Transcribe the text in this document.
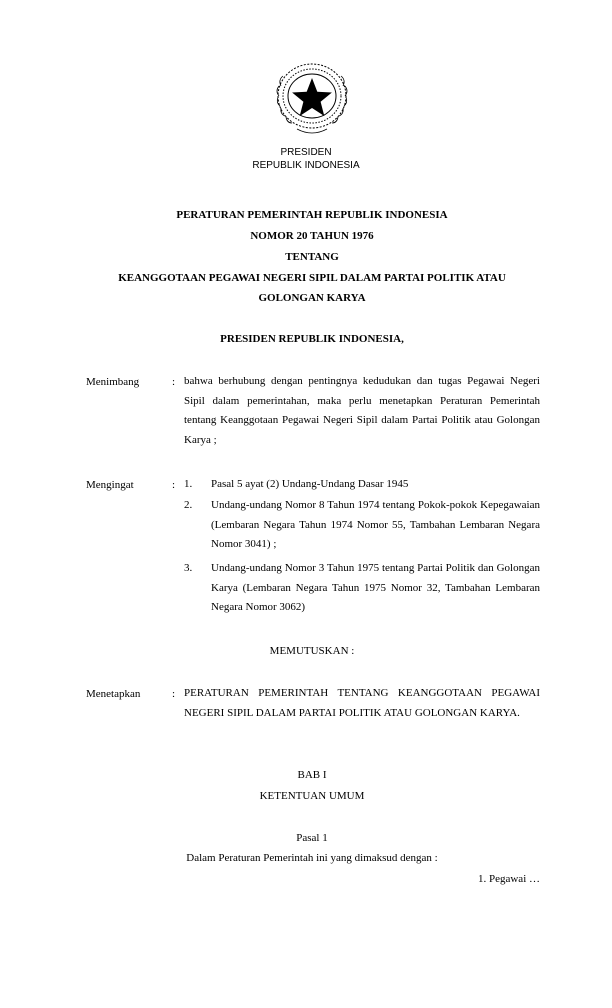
PRESIDEN
REPUBLIK INDONESIA
PERATURAN PEMERINTAH REPUBLIK INDONESIA
NOMOR 20 TAHUN 1976
TENTANG
KEANGGOTAAN PEGAWAI NEGERI SIPIL DALAM PARTAI POLITIK ATAU
GOLONGAN KARYA
PRESIDEN REPUBLIK INDONESIA,
Menimbang	: bahwa berhubung dengan pentingnya kedudukan dan tugas Pegawai Negeri Sipil dalam pemerintahan, maka perlu menetapkan Peraturan Pemerintah tentang Keanggotaan Pegawai Negeri Sipil dalam Partai Politik atau Golongan Karya ;
Mengingat	: 1. Pasal 5 ayat (2) Undang-Undang Dasar 1945
2. Undang-undang Nomor 8 Tahun 1974 tentang Pokok-pokok Kepegawaian (Lembaran Negara Tahun 1974 Nomor 55, Tambahan Lembaran Negara Nomor 3041) ;
3. Undang-undang Nomor 3 Tahun 1975 tentang Partai Politik dan Golongan Karya (Lembaran Negara Tahun 1975 Nomor 32, Tambahan Lembaran Negara Nomor 3062)
MEMUTUSKAN :
Menetapkan	: PERATURAN PEMERINTAH TENTANG KEANGGOTAAN PEGAWAI NEGERI SIPIL DALAM PARTAI POLITIK ATAU GOLONGAN KARYA.
BAB I
KETENTUAN UMUM
Pasal 1
Dalam Peraturan Pemerintah ini yang dimaksud dengan :
1. Pegawai …
